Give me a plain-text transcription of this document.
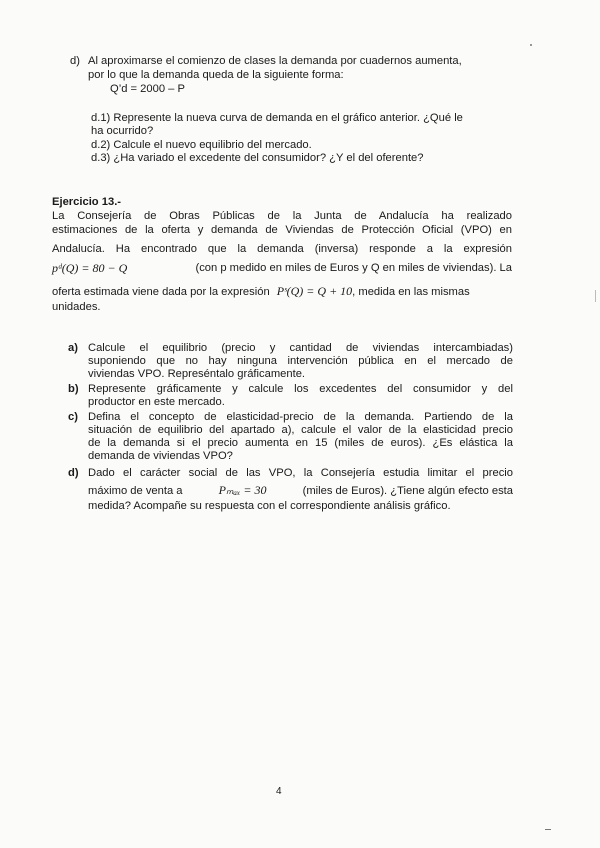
d) Al aproximarse el comienzo de clases la demanda por cuadernos aumenta,
por lo que la demanda queda de la siguiente forma:
Q’d = 2000 – P
d.1) Represente la nueva curva de demanda en el gráfico anterior. ¿Qué le
ha ocurrido?
d.2) Calcule el nuevo equilibrio del mercado.
d.3) ¿Ha variado el excedente del consumidor? ¿Y el del oferente?
Ejercicio 13.-
La Consejería de Obras Públicas de la Junta de Andalucía ha realizado
estimaciones de la oferta y demanda de Viviendas de Protección Oficial (VPO) en
Andalucía. Ha encontrado que la demanda (inversa) responde a la expresión
pᵈ(Q) = 80 − Q	(con p medido en miles de Euros y Q en miles de viviendas). La
oferta estimada viene dada por la expresión Pˢ(Q) = Q + 10, medida en las mismas
unidades.
a) Calcule el equilibrio (precio y cantidad de viviendas intercambiadas)
suponiendo que no hay ninguna intervención pública en el mercado de
viviendas VPO. Represéntalo gráficamente.
b) Represente gráficamente y calcule los excedentes del consumidor y del
productor en este mercado.
c) Defina el concepto de elasticidad-precio de la demanda. Partiendo de la
situación de equilibrio del apartado a), calcule el valor de la elasticidad precio
de la demanda si el precio aumenta en 15 (miles de euros). ¿Es elástica la
demanda de viviendas VPO?
d) Dado el carácter social de las VPO, la Consejería estudia limitar el precio
máximo de venta a	Pₘₐₓ = 30	(miles de Euros). ¿Tiene algún efecto esta
medida? Acompañe su respuesta con el correspondiente análisis gráfico.
4
